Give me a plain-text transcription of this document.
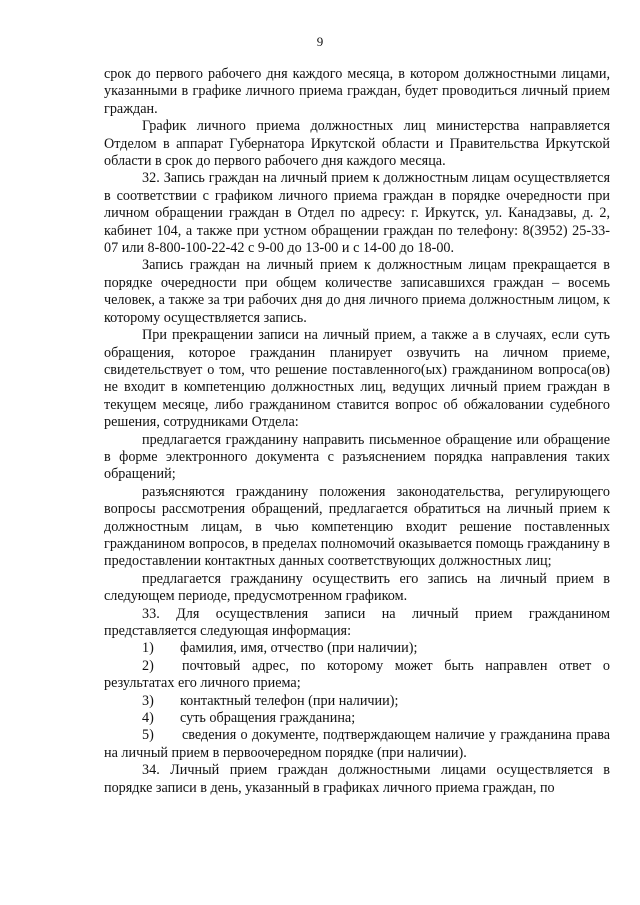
9

срок до первого рабочего дня каждого месяца, в котором должностными лицами, указанными в графике личного приема граждан, будет проводиться личный прием граждан.

График личного приема должностных лиц министерства направляется Отделом в аппарат Губернатора Иркутской области и Правительства Иркутской области в срок до первого рабочего дня каждого месяца.

32. Запись граждан на личный прием к должностным лицам осуществляется в соответствии с графиком личного приема граждан в порядке очередности при личном обращении граждан в Отдел по адресу: г. Иркутск, ул. Канадзавы, д. 2, кабинет 104, а также при устном обращении граждан по телефону: 8(3952) 25-33-07 или 8-800-100-22-42 с 9-00 до 13-00 и с 14-00 до 18-00.

Запись граждан на личный прием к должностным лицам прекращается в порядке очередности при общем количестве записавшихся граждан – восемь человек, а также за три рабочих дня до дня личного приема должностным лицом, к которому осуществляется запись.

При прекращении записи на личный прием, а также а в случаях, если суть обращения, которое гражданин планирует озвучить на личном приеме, свидетельствует о том, что решение поставленного(ых) гражданином вопроса(ов) не входит в компетенцию должностных лиц, ведущих личный прием граждан в текущем месяце, либо гражданином ставится вопрос об обжаловании судебного решения, сотрудниками Отдела:

предлагается гражданину направить письменное обращение или обращение в форме электронного документа с разъяснением порядка направления таких обращений;

разъясняются гражданину положения законодательства, регулирующего вопросы рассмотрения обращений, предлагается обратиться на личный прием к должностным лицам, в чью компетенцию входит решение поставленных гражданином вопросов, в пределах полномочий оказывается помощь гражданину в предоставлении контактных данных соответствующих должностных лиц;

предлагается гражданину осуществить его запись на личный прием в следующем периоде, предусмотренном графиком.

33. Для осуществления записи на личный прием гражданином представляется следующая информация:

1)	фамилия, имя, отчество (при наличии);
2) почтовый адрес, по которому может быть направлен ответ о результатах его личного приема;
3)	контактный телефон (при наличии);
4)	суть обращения гражданина;
5) сведения о документе, подтверждающем наличие у гражданина права на личный прием в первоочередном порядке (при наличии).

34. Личный прием граждан должностными лицами осуществляется в порядке записи в день, указанный в графиках личного приема граждан, по
